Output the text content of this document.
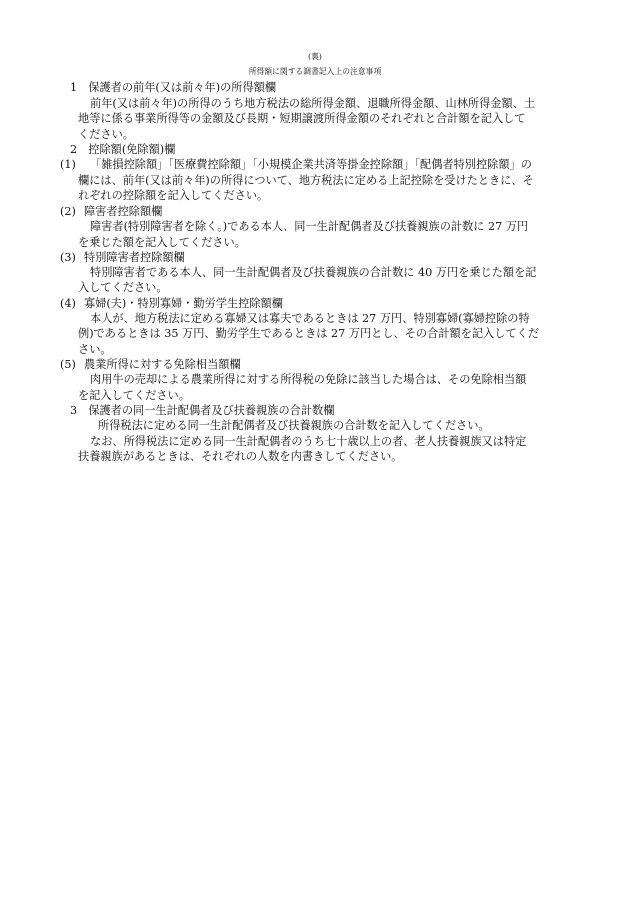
(裏)
所得額に関する調書記入上の注意事項
1　保護者の前年(又は前々年)の所得額欄
前年(又は前々年)の所得のうち地方税法の総所得金額、退職所得金額、山林所得金額、土
地等に係る事業所得等の金額及び長期・短期譲渡所得金額のそれぞれと合計額を記入して
ください。
2　控除額(免除額)欄
(1) 「雑損控除額」「医療費控除額」「小規模企業共済等掛金控除額」「配偶者特別控除額」の
欄には、前年(又は前々年)の所得について、地方税法に定める上記控除を受けたときに、そ
れぞれの控除額を記入してください。
(2) 障害者控除額欄
障害者(特別障害者を除く。)である本人、同一生計配偶者及び扶養親族の計数に 27 万円
を乗じた額を記入してください。
(3) 特別障害者控除額欄
特別障害者である本人、同一生計配偶者及び扶養親族の合計数に 40 万円を乗じた額を記
入してください。
(4) 寡婦(夫)・特別寡婦・勤労学生控除額欄
本人が、地方税法に定める寡婦又は寡夫であるときは 27 万円、特別寡婦(寡婦控除の特
例)であるときは 35 万円、勤労学生であるときは 27 万円とし、その合計額を記入してくだ
さい。
(5) 農業所得に対する免除相当額欄
肉用牛の売却による農業所得に対する所得税の免除に該当した場合は、その免除相当額
を記入してください。
3　保護者の同一生計配偶者及び扶養親族の合計数欄
所得税法に定める同一生計配偶者及び扶養親族の合計数を記入してください。
なお、所得税法に定める同一生計配偶者のうち七十歳以上の者、老人扶養親族又は特定
扶養親族があるときは、それぞれの人数を内書きしてください。
